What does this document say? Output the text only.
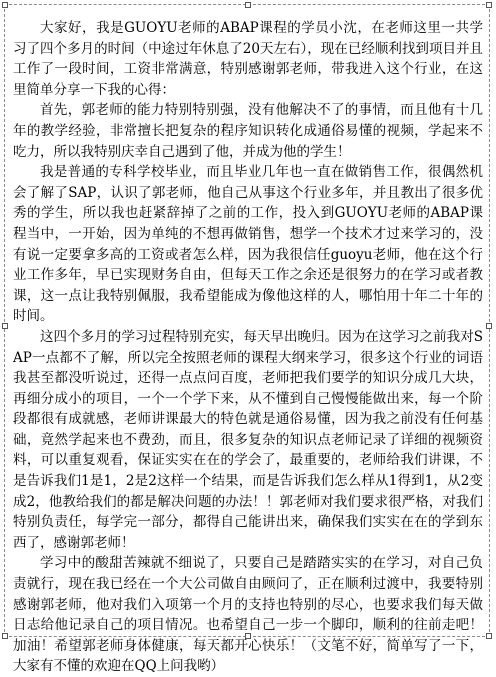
大家好，我是GUOYU老师的ABAP课程的学员小沈，在老师这里一共学习了四个多月的时间（中途过年休息了20天左右），现在已经顺利找到项目并且工作了一段时间，工资非常满意，特别感谢郭老师，带我进入这个行业，在这里简单分享一下我的心得：

首先，郭老师的能力特别特别强，没有他解决不了的事情，而且他有十几年的教学经验，非常擅长把复杂的程序知识转化成通俗易懂的视频，学起来不吃力，所以我特别庆幸自己遇到了他，并成为他的学生！

我是普通的专科学校毕业，而且毕业几年也一直在做销售工作，很偶然机会了解了SAP，认识了郭老师，他自己从事这个行业多年，并且教出了很多优秀的学生，所以我也赶紧辞掉了之前的工作，投入到GUOYU老师的ABAP课程当中，一开始，因为单纯的不想再做销售，想学一个技术才过来学习的，没有说一定要拿多高的工资或者怎么样，因为我很信任guoyu老师，他在这个行业工作多年，早已实现财务自由，但每天工作之余还是很努力的在学习或者教课，这一点让我特别佩服，我希望能成为像他这样的人，哪怕用十年二十年的时间。

这四个多月的学习过程特别充实，每天早出晚归。因为在这学习之前我对SAP一点都不了解，所以完全按照老师的课程大纲来学习，很多这个行业的词语我甚至都没听说过，还得一点点问百度，老师把我们要学的知识分成几大块，再细分成小的项目，一个一个学下来，从不懂到自己慢慢能做出来，每一个阶段都很有成就感，老师讲课最大的特色就是通俗易懂，因为我之前没有任何基础，竟然学起来也不费劲，而且，很多复杂的知识点老师记录了详细的视频资料，可以重复观看，保证实实在在的学会了，最重要的，老师给我们讲课，不是告诉我们1是1，2是2这样一个结果，而是告诉我们怎么样从1得到1，从2变成2，他教给我们的都是解决问题的办法！！郭老师对我们要求很严格，对我们特别负责任，每学完一部分，都得自己能讲出来，确保我们实实在在的学到东西了，感谢郭老师！

学习中的酸甜苦辣就不细说了，只要自己是踏踏实实的在学习，对自己负责就行，现在我已经在一个大公司做自由顾问了，正在顺利过渡中，我要特别感谢郭老师，他对我们入项第一个月的支持也特别的尽心，也要求我们每天做日志给他记录自己的项目情况。也希望自己一步一个脚印，顺利的往前走吧！加油！希望郭老师身体健康，每天都开心快乐！（文笔不好，简单写了一下，大家有不懂的欢迎在QQ上问我哟）
